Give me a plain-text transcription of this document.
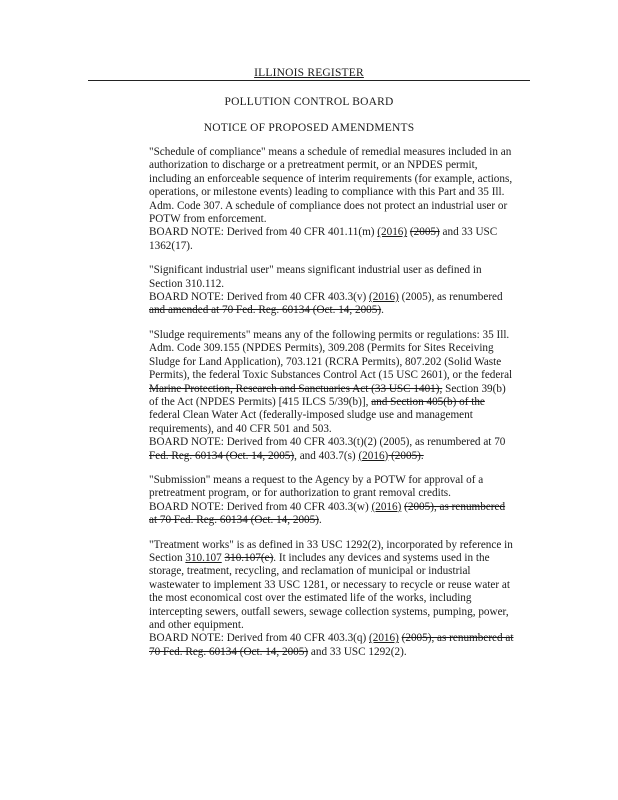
ILLINOIS REGISTER
POLLUTION CONTROL BOARD
NOTICE OF PROPOSED AMENDMENTS
"Schedule of compliance" means a schedule of remedial measures included in an
authorization to discharge or a pretreatment permit, or an NPDES permit,
including an enforceable sequence of interim requirements (for example, actions,
operations, or milestone events) leading to compliance with this Part and 35 Ill.
Adm. Code 307. A schedule of compliance does not protect an industrial user or
POTW from enforcement.
BOARD NOTE: Derived from 40 CFR 401.11(m) (2016) (2005) and 33 USC
1362(17).
"Significant industrial user" means significant industrial user as defined in
Section 310.112.
BOARD NOTE: Derived from 40 CFR 403.3(v) (2016) (2005), as renumbered
and amended at 70 Fed. Reg. 60134 (Oct. 14, 2005).
"Sludge requirements" means any of the following permits or regulations: 35 Ill.
Adm. Code 309.155 (NPDES Permits), 309.208 (Permits for Sites Receiving
Sludge for Land Application), 703.121 (RCRA Permits), 807.202 (Solid Waste
Permits), the federal Toxic Substances Control Act (15 USC 2601), or the federal
Marine Protection, Research and Sanctuaries Act (33 USC 1401), Section 39(b)
of the Act (NPDES Permits) [415 ILCS 5/39(b)], and Section 405(b) of the
federal Clean Water Act (federally-imposed sludge use and management
requirements), and 40 CFR 501 and 503.
BOARD NOTE: Derived from 40 CFR 403.3(t)(2) (2005), as renumbered at 70
Fed. Reg. 60134 (Oct. 14, 2005), and 403.7(s) (2016) (2005).
"Submission" means a request to the Agency by a POTW for approval of a
pretreatment program, or for authorization to grant removal credits.
BOARD NOTE: Derived from 40 CFR 403.3(w) (2016) (2005), as renumbered
at 70 Fed. Reg. 60134 (Oct. 14, 2005).
"Treatment works" is as defined in 33 USC 1292(2), incorporated by reference in
Section 310.107 310.107(e). It includes any devices and systems used in the
storage, treatment, recycling, and reclamation of municipal or industrial
wastewater to implement 33 USC 1281, or necessary to recycle or reuse water at
the most economical cost over the estimated life of the works, including
intercepting sewers, outfall sewers, sewage collection systems, pumping, power,
and other equipment.
BOARD NOTE: Derived from 40 CFR 403.3(q) (2016) (2005), as renumbered at
70 Fed. Reg. 60134 (Oct. 14, 2005) and 33 USC 1292(2).
